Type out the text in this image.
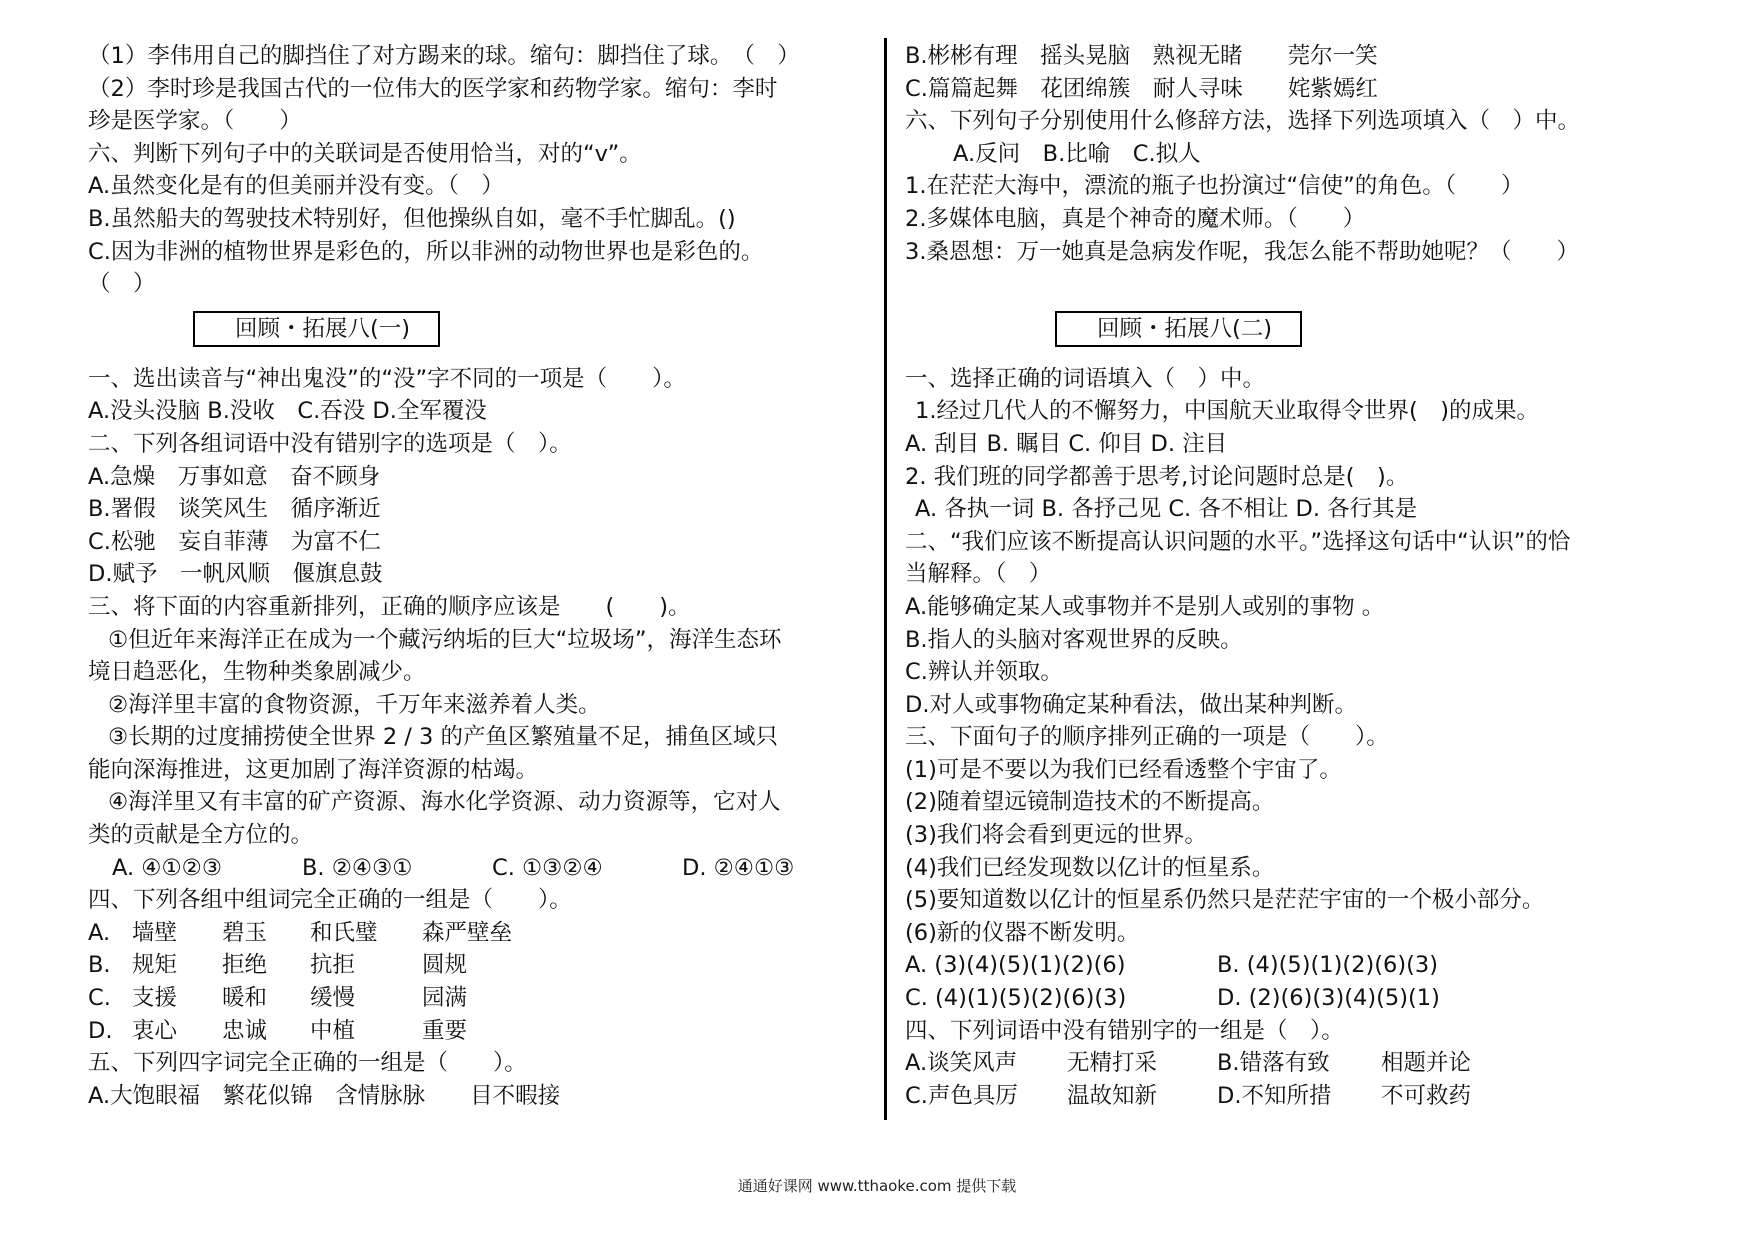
（1）李伟用自己的脚挡住了对方踢来的球。缩句：脚挡住了球。　（　）
（2）李时珍是我国古代的一位伟大的医学家和药物学家。缩句：李时
珍是医学家。（　　）
六、判断下列句子中的关联词是否使用恰当，对的“v”。
A.虽然变化是有的但美丽并没有变。（　）
B.虽然船夫的驾驶技术特别好，但他操纵自如，毫不手忙脚乱。()
C.因为非洲的植物世界是彩色的，所以非洲的动物世界也是彩色的。
（　）
回顾・拓展八(一)
一、选出读音与“神出鬼没”的“没”字不同的一项是（　　）。
A.没头没脑 B.没收　C.吞没 D.全军覆没
二、下列各组词语中没有错别字的选项是（　）。
A.急燥　万事如意　奋不顾身
B.署假　谈笑风生　循序渐近
C.松驰　妄自菲薄　为富不仁
D.赋予　一帆风顺　偃旗息鼓
三、将下面的内容重新排列，正确的顺序应该是　　(　　)。
①但近年来海洋正在成为一个藏污纳垢的巨大“垃圾场”，海洋生态环
境日趋恶化，生物种类象剧减少。
②海洋里丰富的食物资源，千万年来滋养着人类。
③长期的过度捕捞使全世界 2 / 3 的产鱼区繁殖量不足，捕鱼区域只
能向深海推进，这更加剧了海洋资源的枯竭。
④海洋里又有丰富的矿产资源、海水化学资源、动力资源等，它对人
类的贡献是全方位的。
A. ④①②③	B. ②④③①	C. ①③②④	D. ②④①③
四、下列各组中组词完全正确的一组是（　　）。
A. 墙壁 碧玉 和氏璧 森严壁垒
B. 规矩 拒绝 抗拒	圆规
C. 支援 暖和 缓慢	园满
D. 衷心 忠诚 中植	重要
五、下列四字词完全正确的一组是（　　）。
A.大饱眼福　繁花似锦　含情脉脉　　目不暇接
B.彬彬有理　摇头晃脑　熟视无睹　　莞尔一笑
C.篇篇起舞　花团绵簇　耐人寻味　　姹紫嫣红
六、下列句子分别使用什么修辞方法，选择下列选项填入（　）中。
A.反问　B.比喻　C.拟人
1.在茫茫大海中，漂流的瓶子也扮演过“信使”的角色。（　　）
2.多媒体电脑，真是个神奇的魔术师。（　　）
3.桑恩想：万一她真是急病发作呢，我怎么能不帮助她呢？（　　）
回顾・拓展八(二)
一、选择正确的词语填入（　）中。
1.经过几代人的不懈努力，中国航天业取得令世界(　)的成果。
A. 刮目 B. 瞩目 C. 仰目 D. 注目
2. 我们班的同学都善于思考,讨论问题时总是(　)。
A. 各执一词 B. 各抒己见 C. 各不相让 D. 各行其是
二、“我们应该不断提高认识问题的水平。”选择这句话中“认识”的恰
当解释。（　）
A.能够确定某人或事物并不是别人或别的事物 。
B.指人的头脑对客观世界的反映。
C.辨认并领取。
D.对人或事物确定某种看法，做出某种判断。
三、下面句子的顺序排列正确的一项是（　　）。
(1)可是不要以为我们已经看透整个宇宙了。
(2)随着望远镜制造技术的不断提高。
(3)我们将会看到更远的世界。
(4)我们已经发现数以亿计的恒星系。
(5)要知道数以亿计的恒星系仍然只是茫茫宇宙的一个极小部分。
(6)新的仪器不断发明。
A. (3)(4)(5)(1)(2)(6)	B. (4)(5)(1)(2)(6)(3)
C. (4)(1)(5)(2)(6)(3)	D. (2)(6)(3)(4)(5)(1)
四、下列词语中没有错别字的一组是（　）。
A.谈笑风声 无精打采	B.错落有致 相题并论
C.声色具厉 温故知新	D.不知所措 不可救药
通通好课网 www.tthaoke.com 提供下载
